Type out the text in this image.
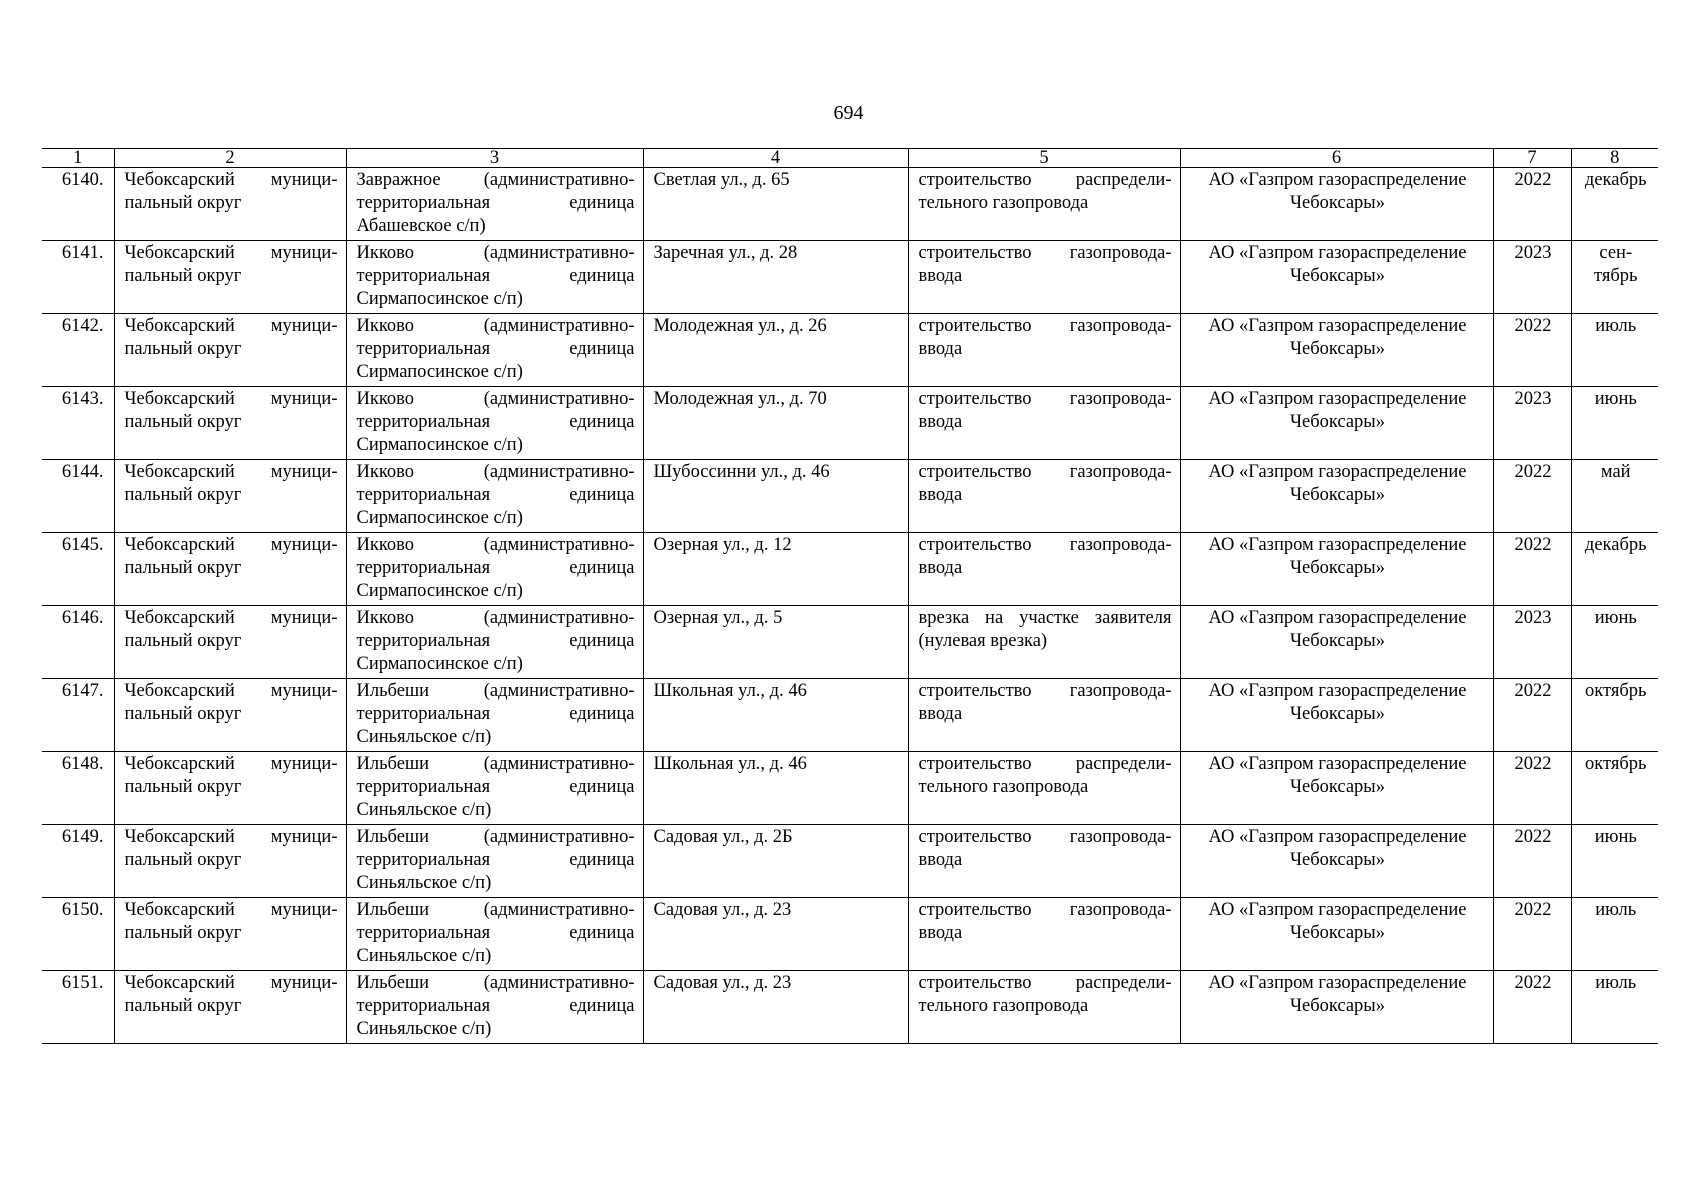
694
1	2	3	4	5	6	7	8
6140.	Чебоксарский муници-пальный округ	Завражное (административно-территориальная единица Абашевское с/п)	Светлая ул., д. 65	строительство распредели-тельного газопровода	АО «Газпром газораспределение Чебоксары»	2022	декабрь
6141.	Чебоксарский муници-пальный округ	Икково (административно-территориальная единица Сирмапосинское с/п)	Заречная ул., д. 28	строительство газопровода-ввода	АО «Газпром газораспределение Чебоксары»	2023	сен-тябрь
6142.	Чебоксарский муници-пальный округ	Икково (административно-территориальная единица Сирмапосинское с/п)	Молодежная ул., д. 26	строительство газопровода-ввода	АО «Газпром газораспределение Чебоксары»	2022	июль
6143.	Чебоксарский муници-пальный округ	Икково (административно-территориальная единица Сирмапосинское с/п)	Молодежная ул., д. 70	строительство газопровода-ввода	АО «Газпром газораспределение Чебоксары»	2023	июнь
6144.	Чебоксарский муници-пальный округ	Икково (административно-территориальная единица Сирмапосинское с/п)	Шубоссинни ул., д. 46	строительство газопровода-ввода	АО «Газпром газораспределение Чебоксары»	2022	май
6145.	Чебоксарский муници-пальный округ	Икково (административно-территориальная единица Сирмапосинское с/п)	Озерная ул., д. 12	строительство газопровода-ввода	АО «Газпром газораспределение Чебоксары»	2022	декабрь
6146.	Чебоксарский муници-пальный округ	Икково (административно-территориальная единица Сирмапосинское с/п)	Озерная ул., д. 5	врезка на участке заявителя (нулевая врезка)	АО «Газпром газораспределение Чебоксары»	2023	июнь
6147.	Чебоксарский муници-пальный округ	Ильбеши (административно-территориальная единица Синьяльское с/п)	Школьная ул., д. 46	строительство газопровода-ввода	АО «Газпром газораспределение Чебоксары»	2022	октябрь
6148.	Чебоксарский муници-пальный округ	Ильбеши (административно-территориальная единица Синьяльское с/п)	Школьная ул., д. 46	строительство распредели-тельного газопровода	АО «Газпром газораспределение Чебоксары»	2022	октябрь
6149.	Чебоксарский муници-пальный округ	Ильбеши (административно-территориальная единица Синьяльское с/п)	Садовая ул., д. 2Б	строительство газопровода-ввода	АО «Газпром газораспределение Чебоксары»	2022	июнь
6150.	Чебоксарский муници-пальный округ	Ильбеши (административно-территориальная единица Синьяльское с/п)	Садовая ул., д. 23	строительство газопровода-ввода	АО «Газпром газораспределение Чебоксары»	2022	июль
6151.	Чебоксарский муници-пальный округ	Ильбеши (административно-территориальная единица Синьяльское с/п)	Садовая ул., д. 23	строительство распредели-тельного газопровода	АО «Газпром газораспределение Чебоксары»	2022	июль
